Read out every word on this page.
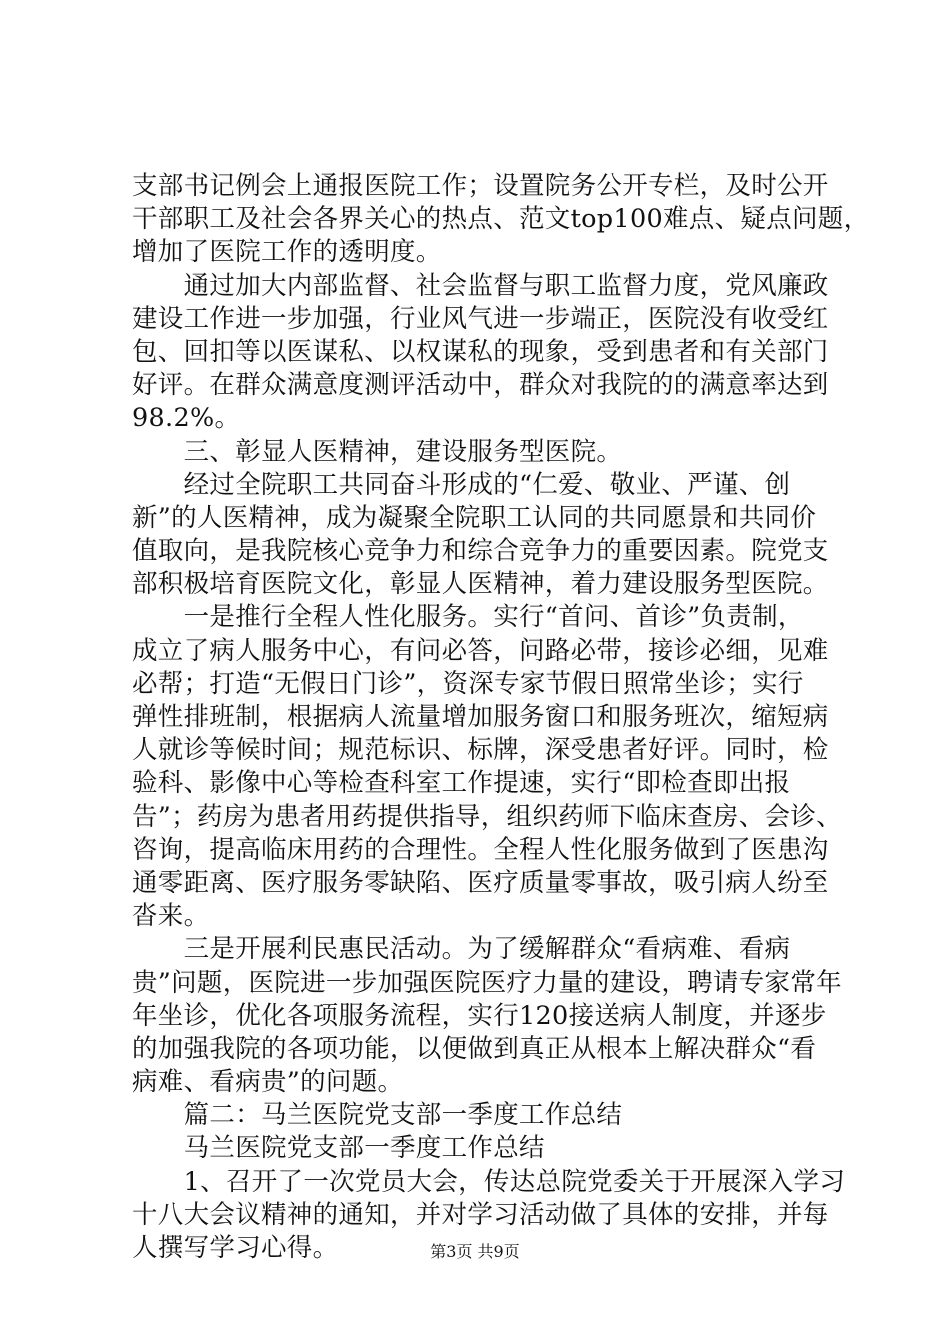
支部书记例会上通报医院工作；设置院务公开专栏，及时公开
干部职工及社会各界关心的热点、范文top100难点、疑点问题，
增加了医院工作的透明度。
　　通过加大内部监督、社会监督与职工监督力度，党风廉政
建设工作进一步加强，行业风气进一步端正，医院没有收受红
包、回扣等以医谋私、以权谋私的现象，受到患者和有关部门
好评。在群众满意度测评活动中，群众对我院的的满意率达到
98.2%。
　　三、彰显人医精神，建设服务型医院。
　　经过全院职工共同奋斗形成的“仁爱、敬业、严谨、创
新”的人医精神，成为凝聚全院职工认同的共同愿景和共同价
值取向，是我院核心竞争力和综合竞争力的重要因素。院党支
部积极培育医院文化，彰显人医精神，着力建设服务型医院。
　　一是推行全程人性化服务。实行“首问、首诊”负责制，
成立了病人服务中心，有问必答，问路必带，接诊必细，见难
必帮；打造“无假日门诊”，资深专家节假日照常坐诊；实行
弹性排班制，根据病人流量增加服务窗口和服务班次，缩短病
人就诊等候时间；规范标识、标牌，深受患者好评。同时，检
验科、影像中心等检查科室工作提速，实行“即检查即出报
告”；药房为患者用药提供指导，组织药师下临床查房、会诊、
咨询，提高临床用药的合理性。全程人性化服务做到了医患沟
通零距离、医疗服务零缺陷、医疗质量零事故，吸引病人纷至
沓来。
　　三是开展利民惠民活动。为了缓解群众“看病难、看病
贵”问题，医院进一步加强医院医疗力量的建设，聘请专家常年
年坐诊，优化各项服务流程，实行120接送病人制度，并逐步
的加强我院的各项功能，以便做到真正从根本上解决群众“看
病难、看病贵”的问题。
　　篇二：马兰医院党支部一季度工作总结
　　马兰医院党支部一季度工作总结
　　1、召开了一次党员大会，传达总院党委关于开展深入学习
十八大会议精神的通知，并对学习活动做了具体的安排，并每
人撰写学习心得。	第3页 共9页
